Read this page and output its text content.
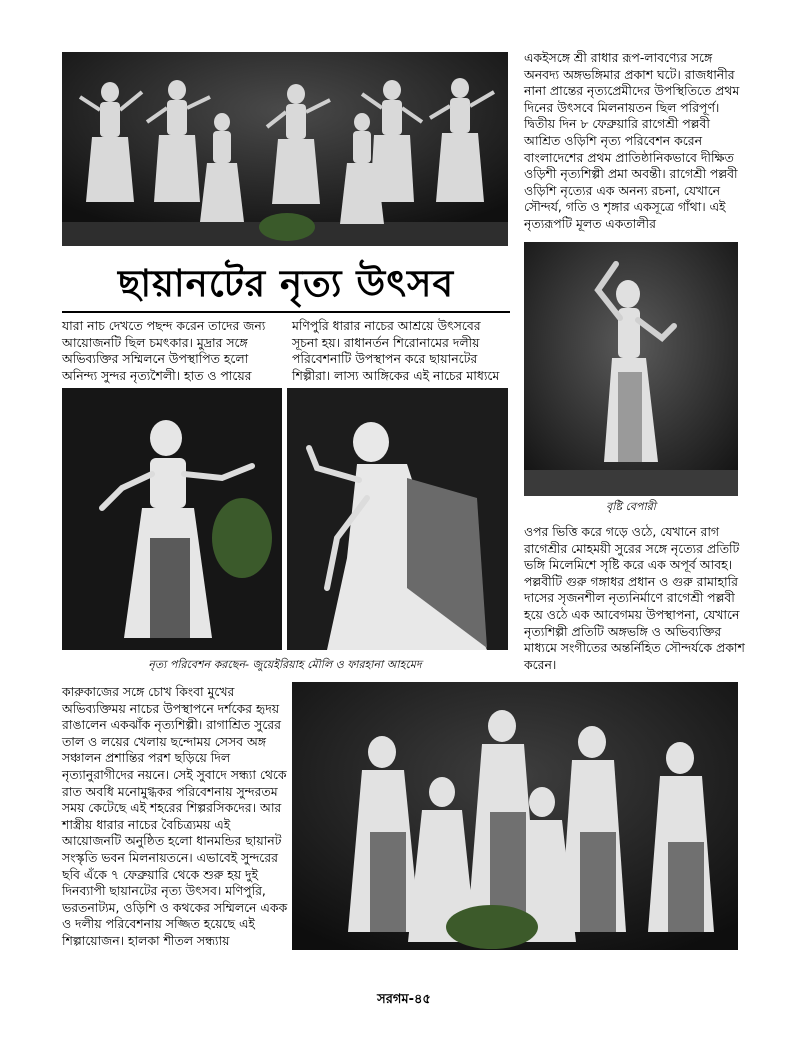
ছায়ানটের নৃত্য উৎসব

যারা নাচ দেখতে পছন্দ করেন তাদের জন্য আয়োজনটি ছিল চমৎকার। মুদ্রার সঙ্গে অভিব্যক্তির সম্মিলনে উপস্থাপিত হলো অনিন্দ্য সুন্দর নৃত্যশৈলী। হাত ও পায়ের

মণিপুরি ধারার নাচের আশ্রয়ে উৎসবের সূচনা হয়। রাধানর্তন শিরোনামের দলীয় পরিবেশনাটি উপস্থাপন করে ছায়ানটের শিল্পীরা। লাস্য আঙ্গিকের এই নাচের মাধ্যমে

একইসঙ্গে শ্রী রাধার রূপ-লাবণ্যের সঙ্গে অনবদ্য অঙ্গভঙ্গিমার প্রকাশ ঘটে। রাজধানীর নানা প্রান্তের নৃত্যপ্রেমীদের উপস্থিতিতে প্রথম দিনের উৎসবে মিলনায়তন ছিল পরিপূর্ণ। দ্বিতীয় দিন ৮ ফেব্রুয়ারি রাগেশ্রী পল্লবী আশ্রিত ওড়িশি নৃত্য পরিবেশন করেন বাংলাদেশের প্রথম প্রাতিষ্ঠানিকভাবে দীক্ষিত ওড়িশী নৃত্যশিল্পী প্রমা অবন্তী। রাগেশ্রী পল্লবী ওড়িশি নৃত্যের এক অনন্য রচনা, যেখানে সৌন্দর্য, গতি ও শৃঙ্গার একসূত্রে গাঁথা। এই নৃত্যরূপটি মূলত একতালীর

বৃষ্টি বেপারী

ওপর ভিত্তি করে গড়ে ওঠে, যেখানে রাগ রাগেশ্রীর মোহময়ী সুরের সঙ্গে নৃত্যের প্রতিটি ভঙ্গি মিলেমিশে সৃষ্টি করে এক অপূর্ব আবহ। পল্লবীটি গুরু গঙ্গাধর প্রধান ও গুরু রামাহারি দাসের সৃজনশীল নৃত্যনির্মাণে রাগেশ্রী পল্লবী হয়ে ওঠে এক আবেগময় উপস্থাপনা, যেখানে নৃত্যশিল্পী প্রতিটি অঙ্গভঙ্গি ও অভিব্যক্তির মাধ্যমে সংগীতের অন্তর্নিহিত সৌন্দর্যকে প্রকাশ করেন।

নৃত্য পরিবেশন করছেন- জুয়েইরিয়াহ মৌলি ও ফারহানা আহমেদ

কারুকাজের সঙ্গে চোখ কিংবা মুখের অভিব্যক্তিময় নাচের উপস্থাপনে দর্শকের হৃদয় রাঙালেন একঝাঁক নৃত্যশিল্পী। রাগাশ্রিত সুরের তাল ও লয়ের খেলায় ছন্দোময় সেসব অঙ্গ সঞ্চালন প্রশান্তির পরশ ছড়িয়ে দিল নৃত্যানুরাগীদের নয়নে। সেই সুবাদে সন্ধ্যা থেকে রাত অবধি মনোমুগ্ধকর পরিবেশনায় সুন্দরতম সময় কেটেছে এই শহরের শিল্পরসিকদের। আর শাস্ত্রীয় ধারার নাচের বৈচিত্র্যময় এই আয়োজনটি অনুষ্ঠিত হলো ধানমন্ডির ছায়ানট সংস্কৃতি ভবন মিলনায়তনে। এভাবেই সুন্দরের ছবি এঁকে ৭ ফেব্রুয়ারি থেকে শুরু হয় দুই দিনব্যাপী ছায়ানটের নৃত্য উৎসব। মণিপুরি, ভরতনাট্যম, ওড়িশি ও কথকের সম্মিলনে একক ও দলীয় পরিবেশনায় সজ্জিত হয়েছে এই শিল্পায়োজন। হালকা শীতল সন্ধ্যায়

সরগম-৪৫
